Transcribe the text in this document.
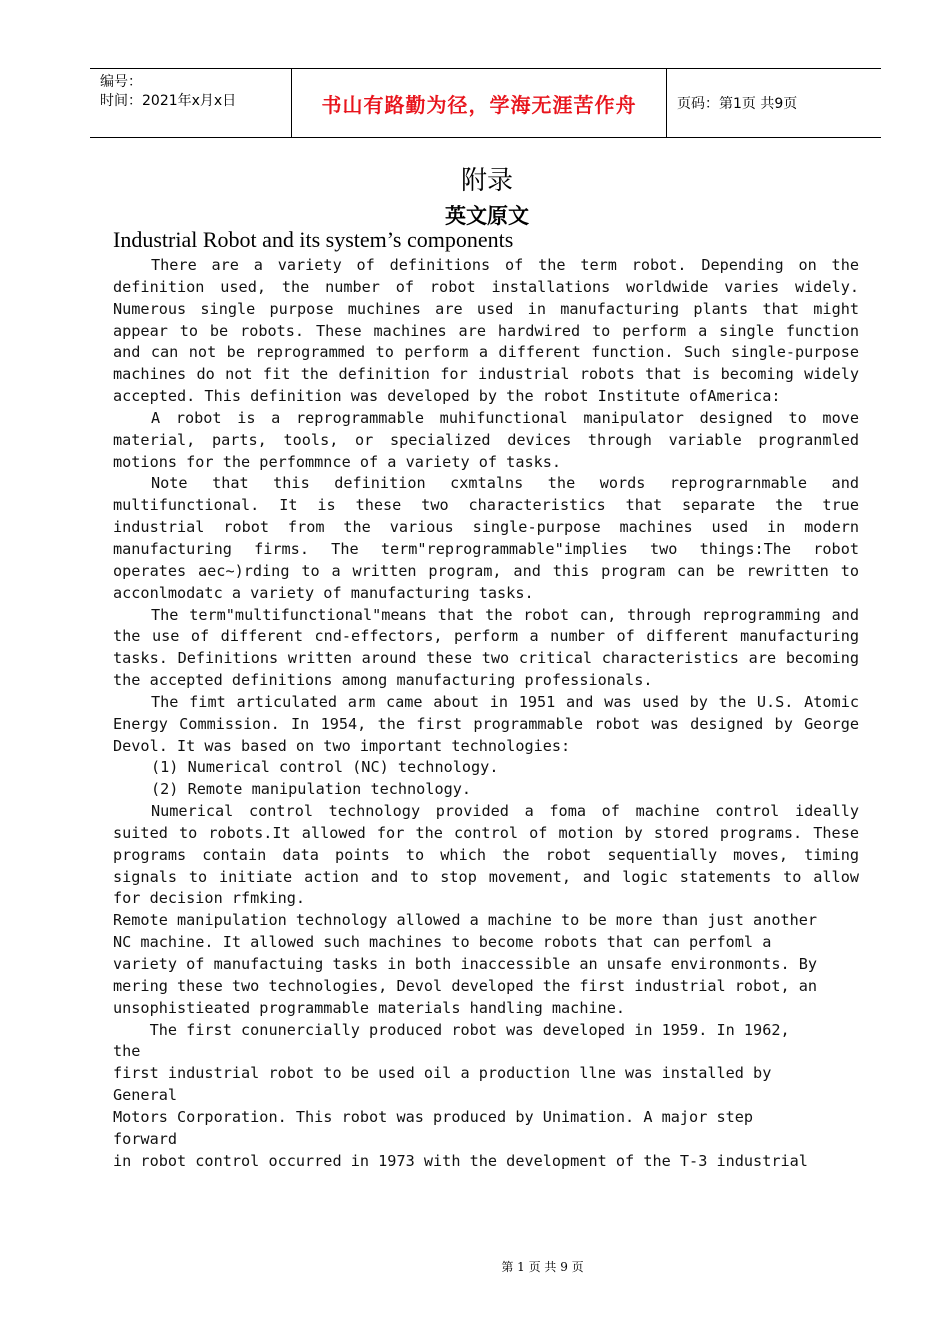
编号：
时间：2021年x月x日	书山有路勤为径，学海无涯苦作舟	页码：第1页 共9页
附录
英文原文
Industrial Robot and its system’s components

There are a variety of definitions of the term robot. Depending on the definition used, the number of robot installations worldwide varies widely. Numerous single purpose muchines are used in manufacturing plants that might appear to be robots. These machines are hardwired to perform a single function and can not be reprogrammed to perform a different function. Such single-purpose machines do not fit the definition for industrial robots that is becoming widely accepted. This definition was developed by the robot Institute ofAmerica:

A robot is a reprogrammable muhifunctional manipulator designed to move material, parts, tools, or specialized devices through variable progranmled motions for the perfommnce of a variety of tasks.

Note that this definition cxmtalns the words reprograrnmable and multifunctional. It is these two characteristics that separate the true industrial robot from the various single-purpose machines used in modern manufacturing firms. The term"reprogrammable"implies two things:The robot operates aec~)rding to a written program, and this program can be rewritten to acconlmodatc a variety of manufacturing tasks.

The term"multifunctional"means that the robot can, through reprogramming and the use of different cnd-effectors, perform a number of different manufacturing tasks. Definitions written around these two critical characteristics are becoming the accepted definitions among manufacturing professionals.

The fimt articulated arm came about in 1951 and was used by the U.S. Atomic Energy Commission. In 1954, the first programmable robot was designed by George Devol. It was based on two important technologies:

(1) Numerical control (NC) technology.

(2) Remote manipulation technology.

Numerical control technology provided a foma of machine control ideally suited to robots.It allowed for the control of motion by stored programs. These programs contain data points to which the robot sequentially moves, timing signals to initiate action and to stop movement, and logic statements to allow for decision rfmking.

Remote manipulation technology allowed a machine to be more than just another
NC machine. It allowed such machines to become robots that can perfoml a
variety of manufactuing tasks in both inaccessible an unsafe environmonts. By
mering these two technologies, Devol developed the first industrial robot, an
unsophistieated programmable materials handling machine.

The first conunercially produced robot was developed in 1959. In 1962,
the
first industrial robot to be used oil a production llne was installed by
General
Motors Corporation. This robot was produced by Unimation. A major step
forward
in robot control occurred in 1973 with the development of the T-3 industrial

第 1 页 共 9 页
